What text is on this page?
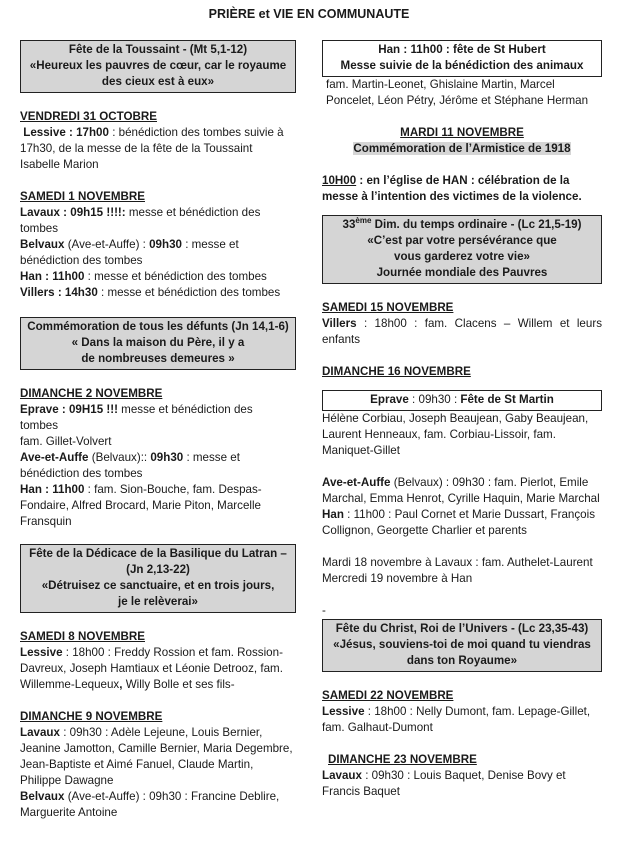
PRIÈRE et VIE EN COMMUNAUTE
Fête de la Toussaint - (Mt 5,1-12)
«Heureux les pauvres de cœur, car le royaume
des cieux est à eux»

VENDREDI 31 OCTOBRE

Lessive : 17h00 : bénédiction des tombes suivie à

17h30, de la messe de la fête de la Toussaint

Isabelle Marion

SAMEDI 1 NOVEMBRE

Lavaux : 09h15 !!!!: messe et bénédiction des

tombes

Belvaux (Ave-et-Auffe) : 09h30 : messe et

bénédiction des tombes

Han : 11h00 : messe et bénédiction des tombes

Villers : 14h30 : messe et bénédiction des tombes

Commémoration de tous les défunts (Jn 14,1-6)
« Dans la maison du Père, il y a
de nombreuses demeures »

DIMANCHE 2 NOVEMBRE

Eprave : 09H15 !!! messe et bénédiction des

tombes

fam. Gillet-Volvert

Ave-et-Auffe (Belvaux):: 09h30 : messe et

bénédiction des tombes

Han : 11h00 : fam. Sion-Bouche, fam. Despas-Fondaire, Alfred Brocard, Marie Piton, Marcelle Fransquin

Fête de la Dédicace de la Basilique du Latran –
(Jn 2,13-22)
«Détruisez ce sanctuaire, et en trois jours,
je le relèverai»

SAMEDI 8 NOVEMBRE

Lessive : 18h00 : Freddy Rossion et fam. Rossion-Davreux, Joseph Hamtiaux et Léonie Detrooz, fam. Willemme-Lequeux, Willy Bolle et ses fils-

DIMANCHE 9 NOVEMBRE

Lavaux : 09h30 : Adèle Lejeune, Louis Bernier, Jeanine Jamotton, Camille Bernier, Maria Degembre, Jean-Baptiste et Aimé Fanuel, Claude Martin, Philippe Dawagne

Belvaux (Ave-et-Auffe) : 09h30 : Francine Deblire, Marguerite Antoine

Han : 11h00 : fête de St Hubert
Messe suivie de la bénédiction des animaux

fam. Martin-Leonet, Ghislaine Martin, Marcel Poncelet, Léon Pétry, Jérôme et Stéphane Herman

MARDI 11 NOVEMBRE

Commémoration de l’Armistice de 1918

10H00 : en l’église de HAN : célébration de la messe à l’intention des victimes de la violence.

33ème Dim. du temps ordinaire - (Lc 21,5-19)
«C’est par votre persévérance que
vous garderez votre vie»
Journée mondiale des Pauvres

SAMEDI 15 NOVEMBRE

Villers : 18h00 : fam. Clacens – Willem et leurs enfants

DIMANCHE 16 NOVEMBRE

Eprave : 09h30 : Fête de St Martin

Hélène Corbiau, Joseph Beaujean, Gaby Beaujean, Laurent Henneaux, fam. Corbiau-Lissoir, fam. Maniquet-Gillet

Ave-et-Auffe (Belvaux) : 09h30 : fam. Pierlot, Emile Marchal, Emma Henrot, Cyrille Haquin, Marie Marchal

Han : 11h00 : Paul Cornet et Marie Dussart, François Collignon, Georgette Charlier et parents

Mardi 18 novembre à Lavaux : fam. Authelet-Laurent

Mercredi 19 novembre à Han

-

Fête du Christ, Roi de l’Univers - (Lc 23,35-43)
«Jésus, souviens-toi de moi quand tu viendras
dans ton Royaume»

SAMEDI 22 NOVEMBRE

Lessive : 18h00 : Nelly Dumont, fam. Lepage-Gillet, fam. Galhaut-Dumont

DIMANCHE 23 NOVEMBRE

Lavaux : 09h30 : Louis Baquet, Denise Bovy et Francis Baquet
